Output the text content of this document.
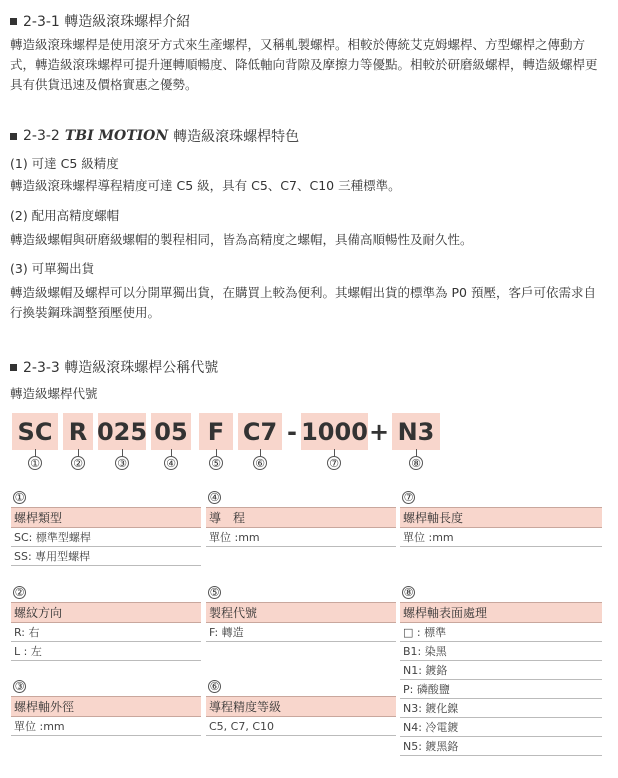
2-3-1 轉造級滾珠螺桿介紹
轉造級滾珠螺桿是使用滾牙方式來生產螺桿，又稱軋製螺桿。相較於傳統艾克姆螺桿、方型螺桿之傳動方式，轉造級滾珠螺桿可提升運轉順暢度、降低軸向背隙及摩擦力等優點。相較於研磨級螺桿，轉造級螺桿更具有供貨迅速及價格實惠之優勢。
2-3-2 TBI MOTION 轉造級滾珠螺桿特色
(1) 可達 C5 級精度
轉造級滾珠螺桿導程精度可達 C5 級，具有 C5、C7、C10 三種標準。
(2) 配用高精度螺帽
轉造級螺帽與研磨級螺帽的製程相同，皆為高精度之螺帽，具備高順暢性及耐久性。
(3) 可單獨出貨
轉造級螺帽及螺桿可以分開單獨出貨，在購買上較為便利。其螺帽出貨的標準為 P0 預壓，客戶可依需求自行換裝鋼珠調整預壓使用。
2-3-3 轉造級滾珠螺桿公稱代號
轉造級螺桿代號
SC R 025 05 F C7 - 1000 + N3
①	②	③	④	⑤	⑥	⑦	⑧
①
螺桿類型
SC: 標準型螺桿
SS: 專用型螺桿
②
螺紋方向
R: 右
L : 左
③
螺桿軸外徑
單位 :mm
④
導　程
單位 :mm
⑤
製程代號
F: 轉造
⑥
導程精度等級
C5, C7, C10
⑦
螺桿軸長度
單位 :mm
⑧
螺桿軸表面處理
□ : 標準
B1: 染黑
N1: 鍍鉻
P: 磷酸鹽
N3: 鍍化鎳
N4: 冷電鍍
N5: 鍍黑鉻
